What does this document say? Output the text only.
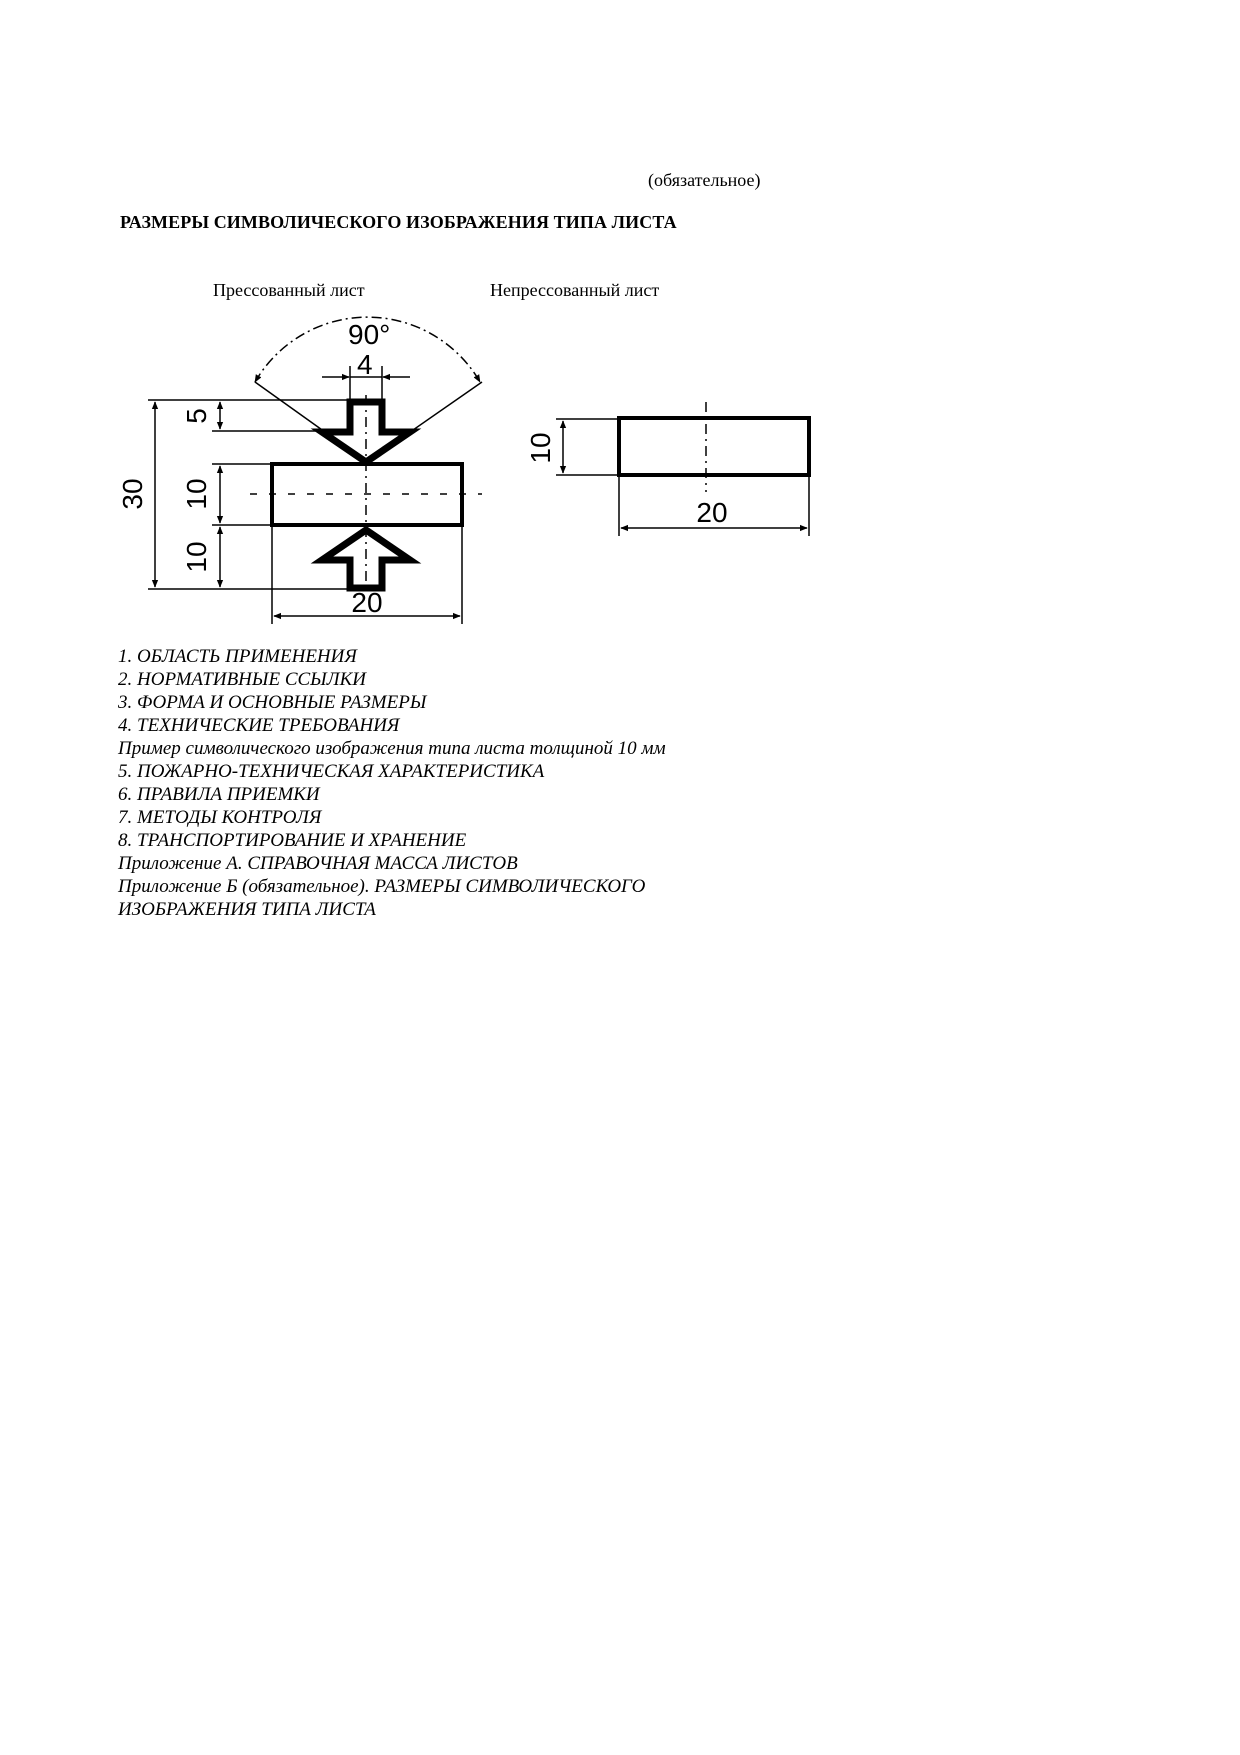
(обязательное)
РАЗМЕРЫ СИМВОЛИЧЕСКОГО ИЗОБРАЖЕНИЯ ТИПА ЛИСТА
Прессованный лист	Непрессованный лист
90°
4
5
30 10
10
20
10
20
1. ОБЛАСТЬ ПРИМЕНЕНИЯ
2. НОРМАТИВНЫЕ ССЫЛКИ
3. ФОРМА И ОСНОВНЫЕ РАЗМЕРЫ
4. ТЕХНИЧЕСКИЕ ТРЕБОВАНИЯ
Пример символического изображения типа листа толщиной 10 мм
5. ПОЖАРНО-ТЕХНИЧЕСКАЯ ХАРАКТЕРИСТИКА
6. ПРАВИЛА ПРИЕМКИ
7. МЕТОДЫ КОНТРОЛЯ
8. ТРАНСПОРТИРОВАНИЕ И ХРАНЕНИЕ
Приложение А. СПРАВОЧНАЯ МАССА ЛИСТОВ
Приложение Б (обязательное). РАЗМЕРЫ СИМВОЛИЧЕСКОГО
ИЗОБРАЖЕНИЯ ТИПА ЛИСТА
